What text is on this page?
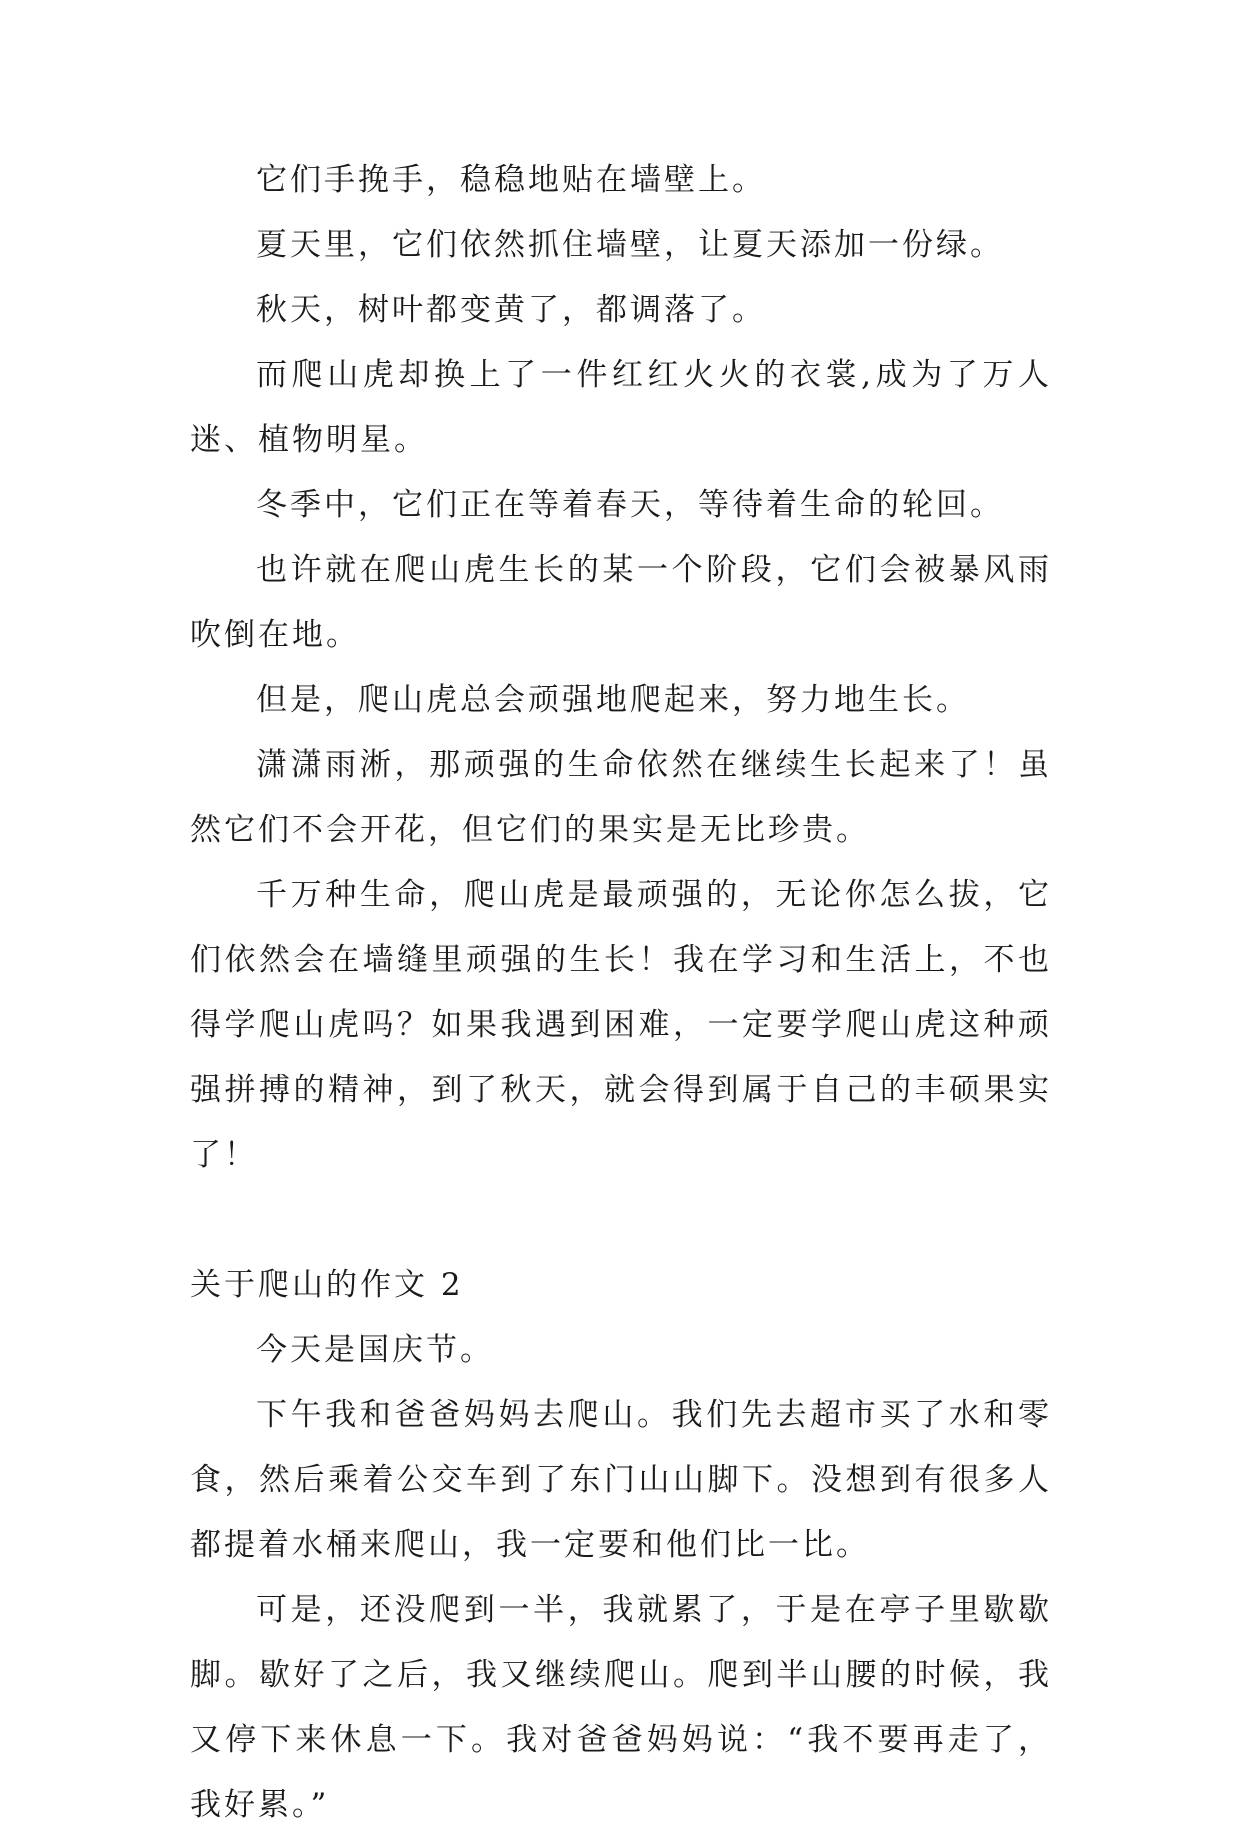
它们手挽手，稳稳地贴在墙壁上。

夏天里，它们依然抓住墙壁，让夏天添加一份绿。

秋天，树叶都变黄了，都调落了。

而爬山虎却换上了一件红红火火的衣裳,成为了万人迷、植物明星。

冬季中，它们正在等着春天，等待着生命的轮回。

也许就在爬山虎生长的某一个阶段，它们会被暴风雨吹倒在地。

但是，爬山虎总会顽强地爬起来，努力地生长。

潇潇雨淅，那顽强的生命依然在继续生长起来了！虽然它们不会开花，但它们的果实是无比珍贵。

千万种生命，爬山虎是最顽强的，无论你怎么拔，它们依然会在墙缝里顽强的生长！我在学习和生活上，不也得学爬山虎吗？如果我遇到困难，一定要学爬山虎这种顽强拼搏的精神，到了秋天，就会得到属于自己的丰硕果实了！

关于爬山的作文 2

今天是国庆节。

下午我和爸爸妈妈去爬山。我们先去超市买了水和零食，然后乘着公交车到了东门山山脚下。没想到有很多人都提着水桶来爬山，我一定要和他们比一比。

可是，还没爬到一半，我就累了，于是在亭子里歇歇脚。歇好了之后，我又继续爬山。爬到半山腰的时候，我又停下来休息一下。我对爸爸妈妈说：“我不要再走了，我好累。”
